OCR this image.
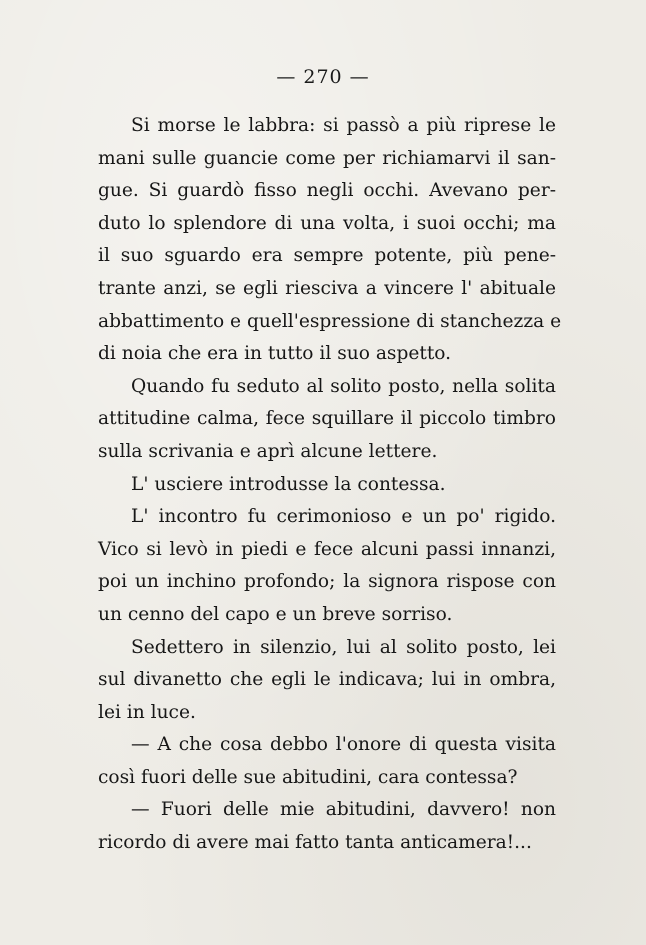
— 270 —
Si morse le labbra: si passò a più riprese le
mani sulle guancie come per richiamarvi il san-
gue. Si guardò fisso negli occhi. Avevano per-
duto lo splendore di una volta, i suoi occhi; ma
il suo sguardo era sempre potente, più pene-
trante anzi, se egli riesciva a vincere l' abituale
abbattimento e quell'espressione di stanchezza e
di noia che era in tutto il suo aspetto.
Quando fu seduto al solito posto, nella solita
attitudine calma, fece squillare il piccolo timbro
sulla scrivania e aprì alcune lettere.
L' usciere introdusse la contessa.
L' incontro fu cerimonioso e un po' rigido.
Vico si levò in piedi e fece alcuni passi innanzi,
poi un inchino profondo; la signora rispose con
un cenno del capo e un breve sorriso.
Sedettero in silenzio, lui al solito posto, lei
sul divanetto che egli le indicava; lui in ombra,
lei in luce.
— A che cosa debbo l'onore di questa visita
così fuori delle sue abitudini, cara contessa?
— Fuori delle mie abitudini, davvero! non
ricordo di avere mai fatto tanta anticamera!...
